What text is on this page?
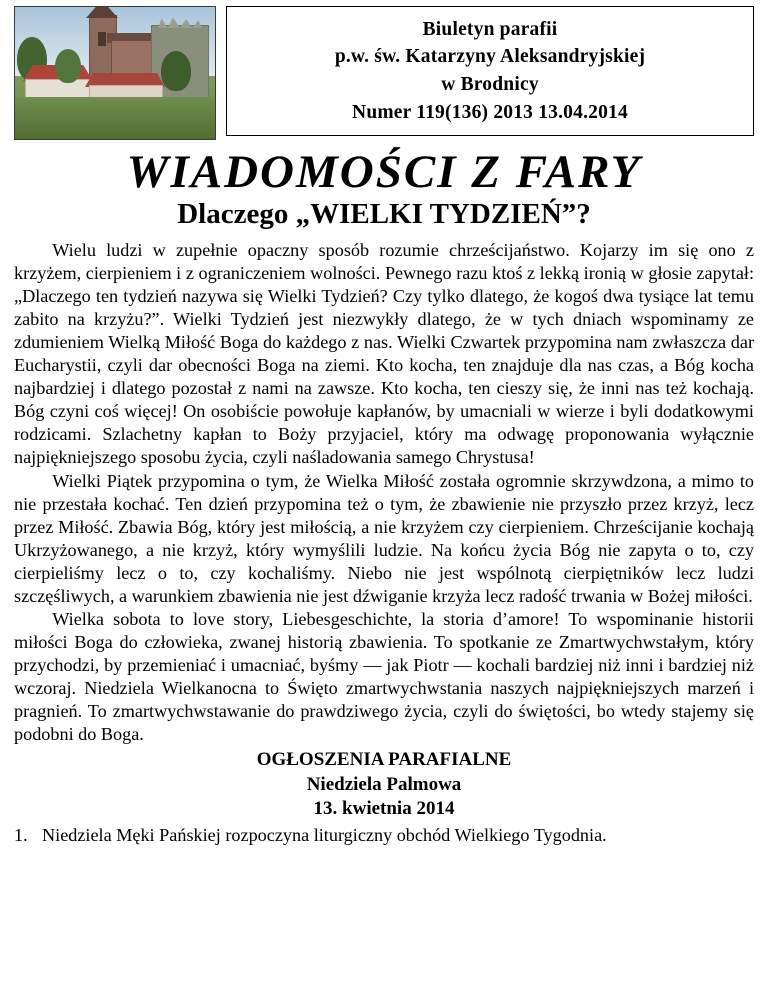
Biuletyn parafii
p.w. św. Katarzyny Aleksandryjskiej
w Brodnicy
Numer 119(136) 2013 13.04.2014
WIADOMOŚCI Z FARY
Dlaczego „WIELKI TYDZIEŃ”?

Wielu ludzi w zupełnie opaczny sposób rozumie chrześcijaństwo. Kojarzy im się ono z krzyżem, cierpieniem i z ograniczeniem wolności. Pewnego razu ktoś z lekką ironią w głosie zapytał: „Dlaczego ten tydzień nazywa się Wielki Tydzień? Czy tylko dlatego, że kogoś dwa tysiące lat temu zabito na krzyżu?”. Wielki Tydzień jest niezwykły dlatego, że w tych dniach wspominamy ze zdumieniem Wielką Miłość Boga do każdego z nas. Wielki Czwartek przypomina nam zwłaszcza dar Eucharystii, czyli dar obecności Boga na ziemi. Kto kocha, ten znajduje dla nas czas, a Bóg kocha najbardziej i dlatego pozostał z nami na zawsze. Kto kocha, ten cieszy się, że inni nas też kochają. Bóg czyni coś więcej! On osobiście powołuje kapłanów, by umacniali w wierze i byli dodatkowymi rodzicami. Szlachetny kapłan to Boży przyjaciel, który ma odwagę proponowania wyłącznie najpiękniejszego sposobu życia, czyli naśladowania samego Chrystusa!

Wielki Piątek przypomina o tym, że Wielka Miłość została ogromnie skrzywdzona, a mimo to nie przestała kochać. Ten dzień przypomina też o tym, że zbawienie nie przyszło przez krzyż, lecz przez Miłość. Zbawia Bóg, który jest miłością, a nie krzyżem czy cierpieniem. Chrześcijanie kochają Ukrzyżowanego, a nie krzyż, który wymyślili ludzie. Na końcu życia Bóg nie zapyta o to, czy cierpieliśmy lecz o to, czy kochaliśmy. Niebo nie jest wspólnotą cierpiętników lecz ludzi szczęśliwych, a warunkiem zbawienia nie jest dźwiganie krzyża lecz radość trwania w Bożej miłości.

Wielka sobota to love story, Liebesgeschichte, la storia d’amore! To wspominanie historii miłości Boga do człowieka, zwanej historią zbawienia. To spotkanie ze Zmartwychwstałym, który przychodzi, by przemieniać i umacniać, byśmy — jak Piotr — kochali bardziej niż inni i bardziej niż wczoraj. Niedziela Wielkanocna to Święto zmartwychwstania naszych najpiękniejszych marzeń i pragnień. To zmartwychwstawanie do prawdziwego życia, czyli do świętości, bo wtedy stajemy się podobni do Boga.

OGŁOSZENIA PARAFIALNE
Niedziela Palmowa
13. kwietnia 2014
1. Niedziela Męki Pańskiej rozpoczyna liturgiczny obchód Wielkiego Tygodnia.
